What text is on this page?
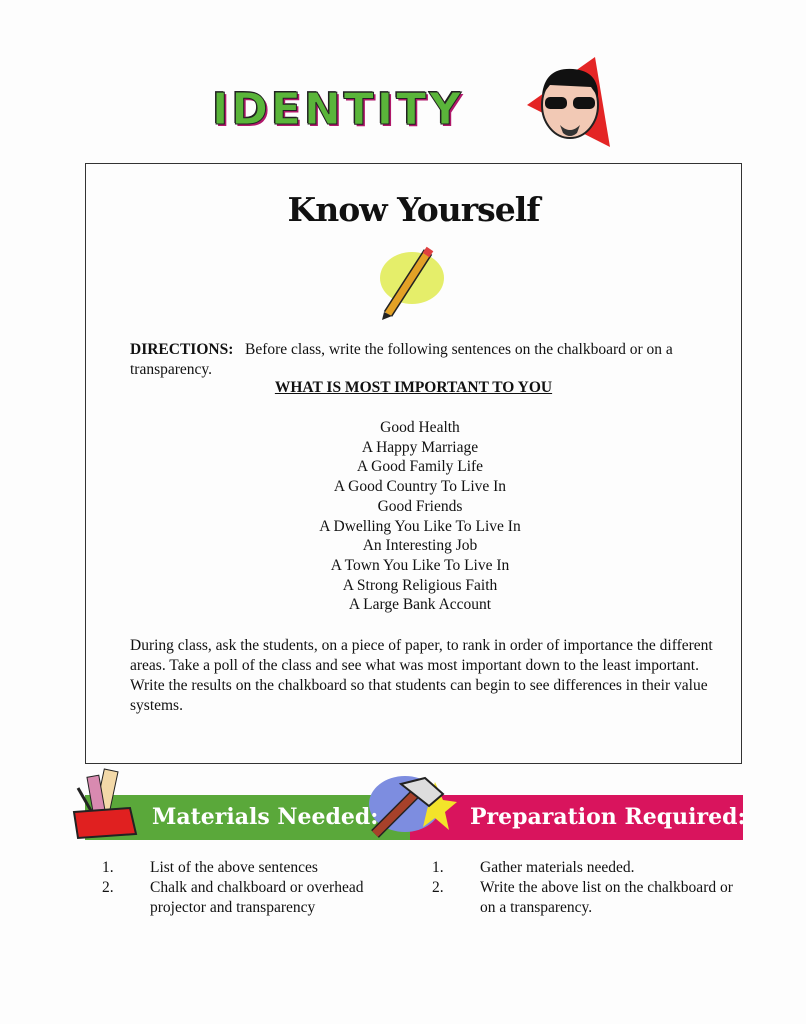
IDENTITY
Know Yourself
DIRECTIONS: Before class, write the following sentences on the chalkboard or on a transparency.
WHAT IS MOST IMPORTANT TO YOU
Good Health
A Happy Marriage
A Good Family Life
A Good Country To Live In
Good Friends
A Dwelling You Like To Live In
An Interesting Job
A Town You Like To Live In
A Strong Religious Faith
A Large Bank Account
During class, ask the students, on a piece of paper, to rank in order of importance the different areas. Take a poll of the class and see what was most important down to the least important. Write the results on the chalkboard so that students can begin to see differences in their value systems.
Materials Needed:	Preparation Required:
1. List of the above sentences
2. Chalk and chalkboard or overhead projector and transparency
1. Gather materials needed.
2. Write the above list on the chalkboard or on a transparency.
